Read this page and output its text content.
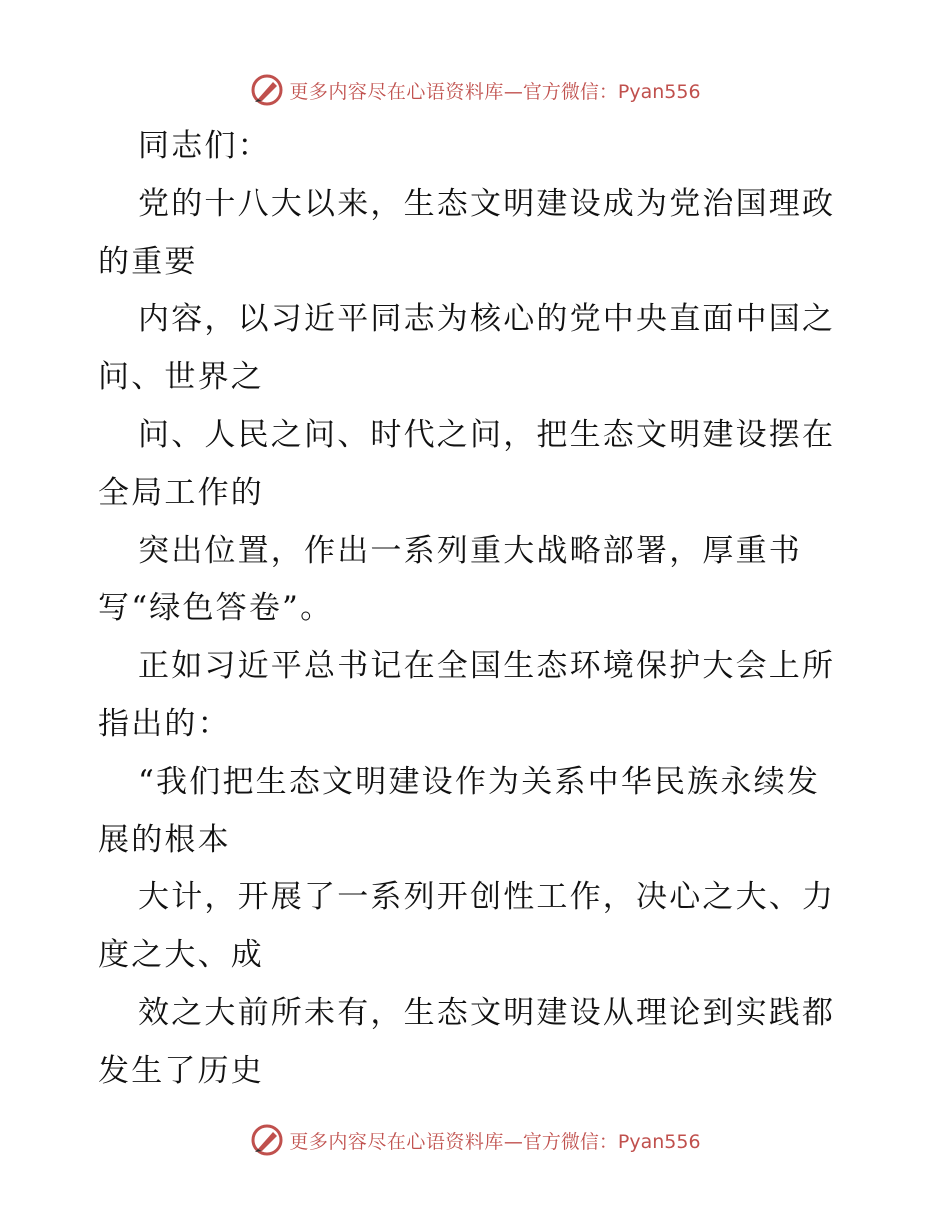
更多内容尽在心语资料库 —官方微信：Pyan556
同志们：
党的十八大以来，生态文明建设成为党治国理政
的重要
内容，以习近平同志为核心的党中央直面中国之
问、世界之
问、人民之问、时代之问，把生态文明建设摆在
全局工作的
突出位置，作出一系列重大战略部署，厚重书
写“绿色答卷”。
正如习近平总书记在全国生态环境保护大会上所
指出的：
“我们把生态文明建设作为关系中华民族永续发
展的根本
大计，开展了一系列开创性工作，决心之大、力
度之大、成
效之大前所未有，生态文明建设从理论到实践都
发生了历史
更多内容尽在心语资料库 —官方微信：Pyan556
